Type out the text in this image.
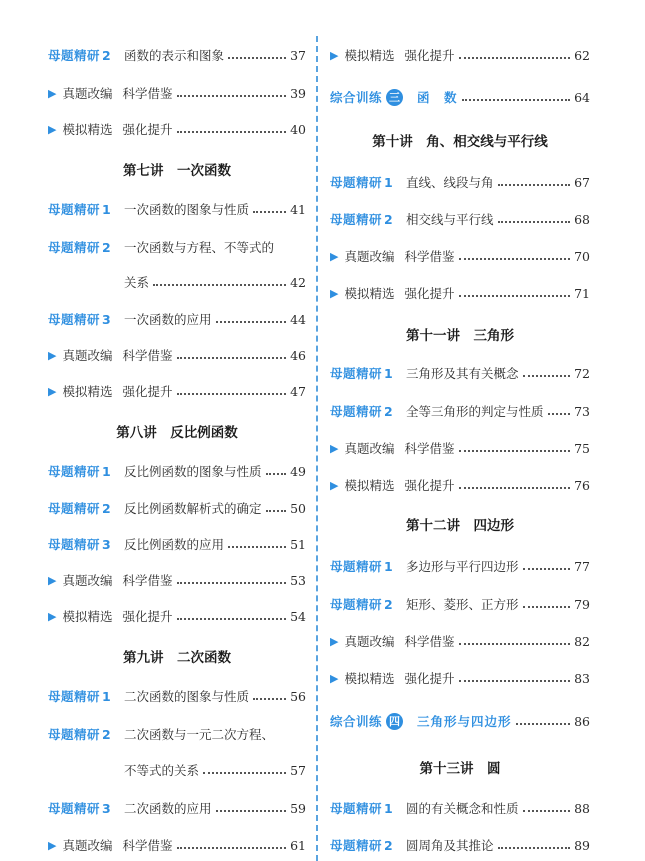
母题精研 2 函数的表示和图象	37
▶ 真题改编 科学借鉴	39
▶ 模拟精选 强化提升	40
第七讲　一次函数
母题精研 1 一次函数的图象与性质	41
母题精研 2 一次函数与方程、不等式的
关系	42
母题精研 3 一次函数的应用	44
▶ 真题改编 科学借鉴	46
▶ 模拟精选 强化提升	47
第八讲　反比例函数
母题精研 1 反比例函数的图象与性质 49
母题精研 2 反比例函数解析式的确定 50
母题精研 3 反比例函数的应用	51
▶ 真题改编 科学借鉴	53
▶ 模拟精选 强化提升	54
第九讲　二次函数
母题精研 1 二次函数的图象与性质	56
母题精研 2 二次函数与一元二次方程、
不等式的关系	57
母题精研 3 二次函数的应用	59
▶ 真题改编 科学借鉴	61
▶ 模拟精选 强化提升	62
综合训练 三 函　数	64
第十讲　角、相交线与平行线
母题精研 1 直线、线段与角	67
母题精研 2 相交线与平行线	68
▶ 真题改编 科学借鉴	70
▶ 模拟精选 强化提升	71
第十一讲　三角形
母题精研 1 三角形及其有关概念	72
母题精研 2 全等三角形的判定与性质 73
▶ 真题改编 科学借鉴	75
▶ 模拟精选 强化提升	76
第十二讲　四边形
母题精研 1 多边形与平行四边形	77
母题精研 2 矩形、菱形、正方形	79
▶ 真题改编 科学借鉴	82
▶ 模拟精选 强化提升	83
综合训练 四 三角形与四边形	86
第十三讲　圆
母题精研 1 圆的有关概念和性质	88
母题精研 2 圆周角及其推论	89
